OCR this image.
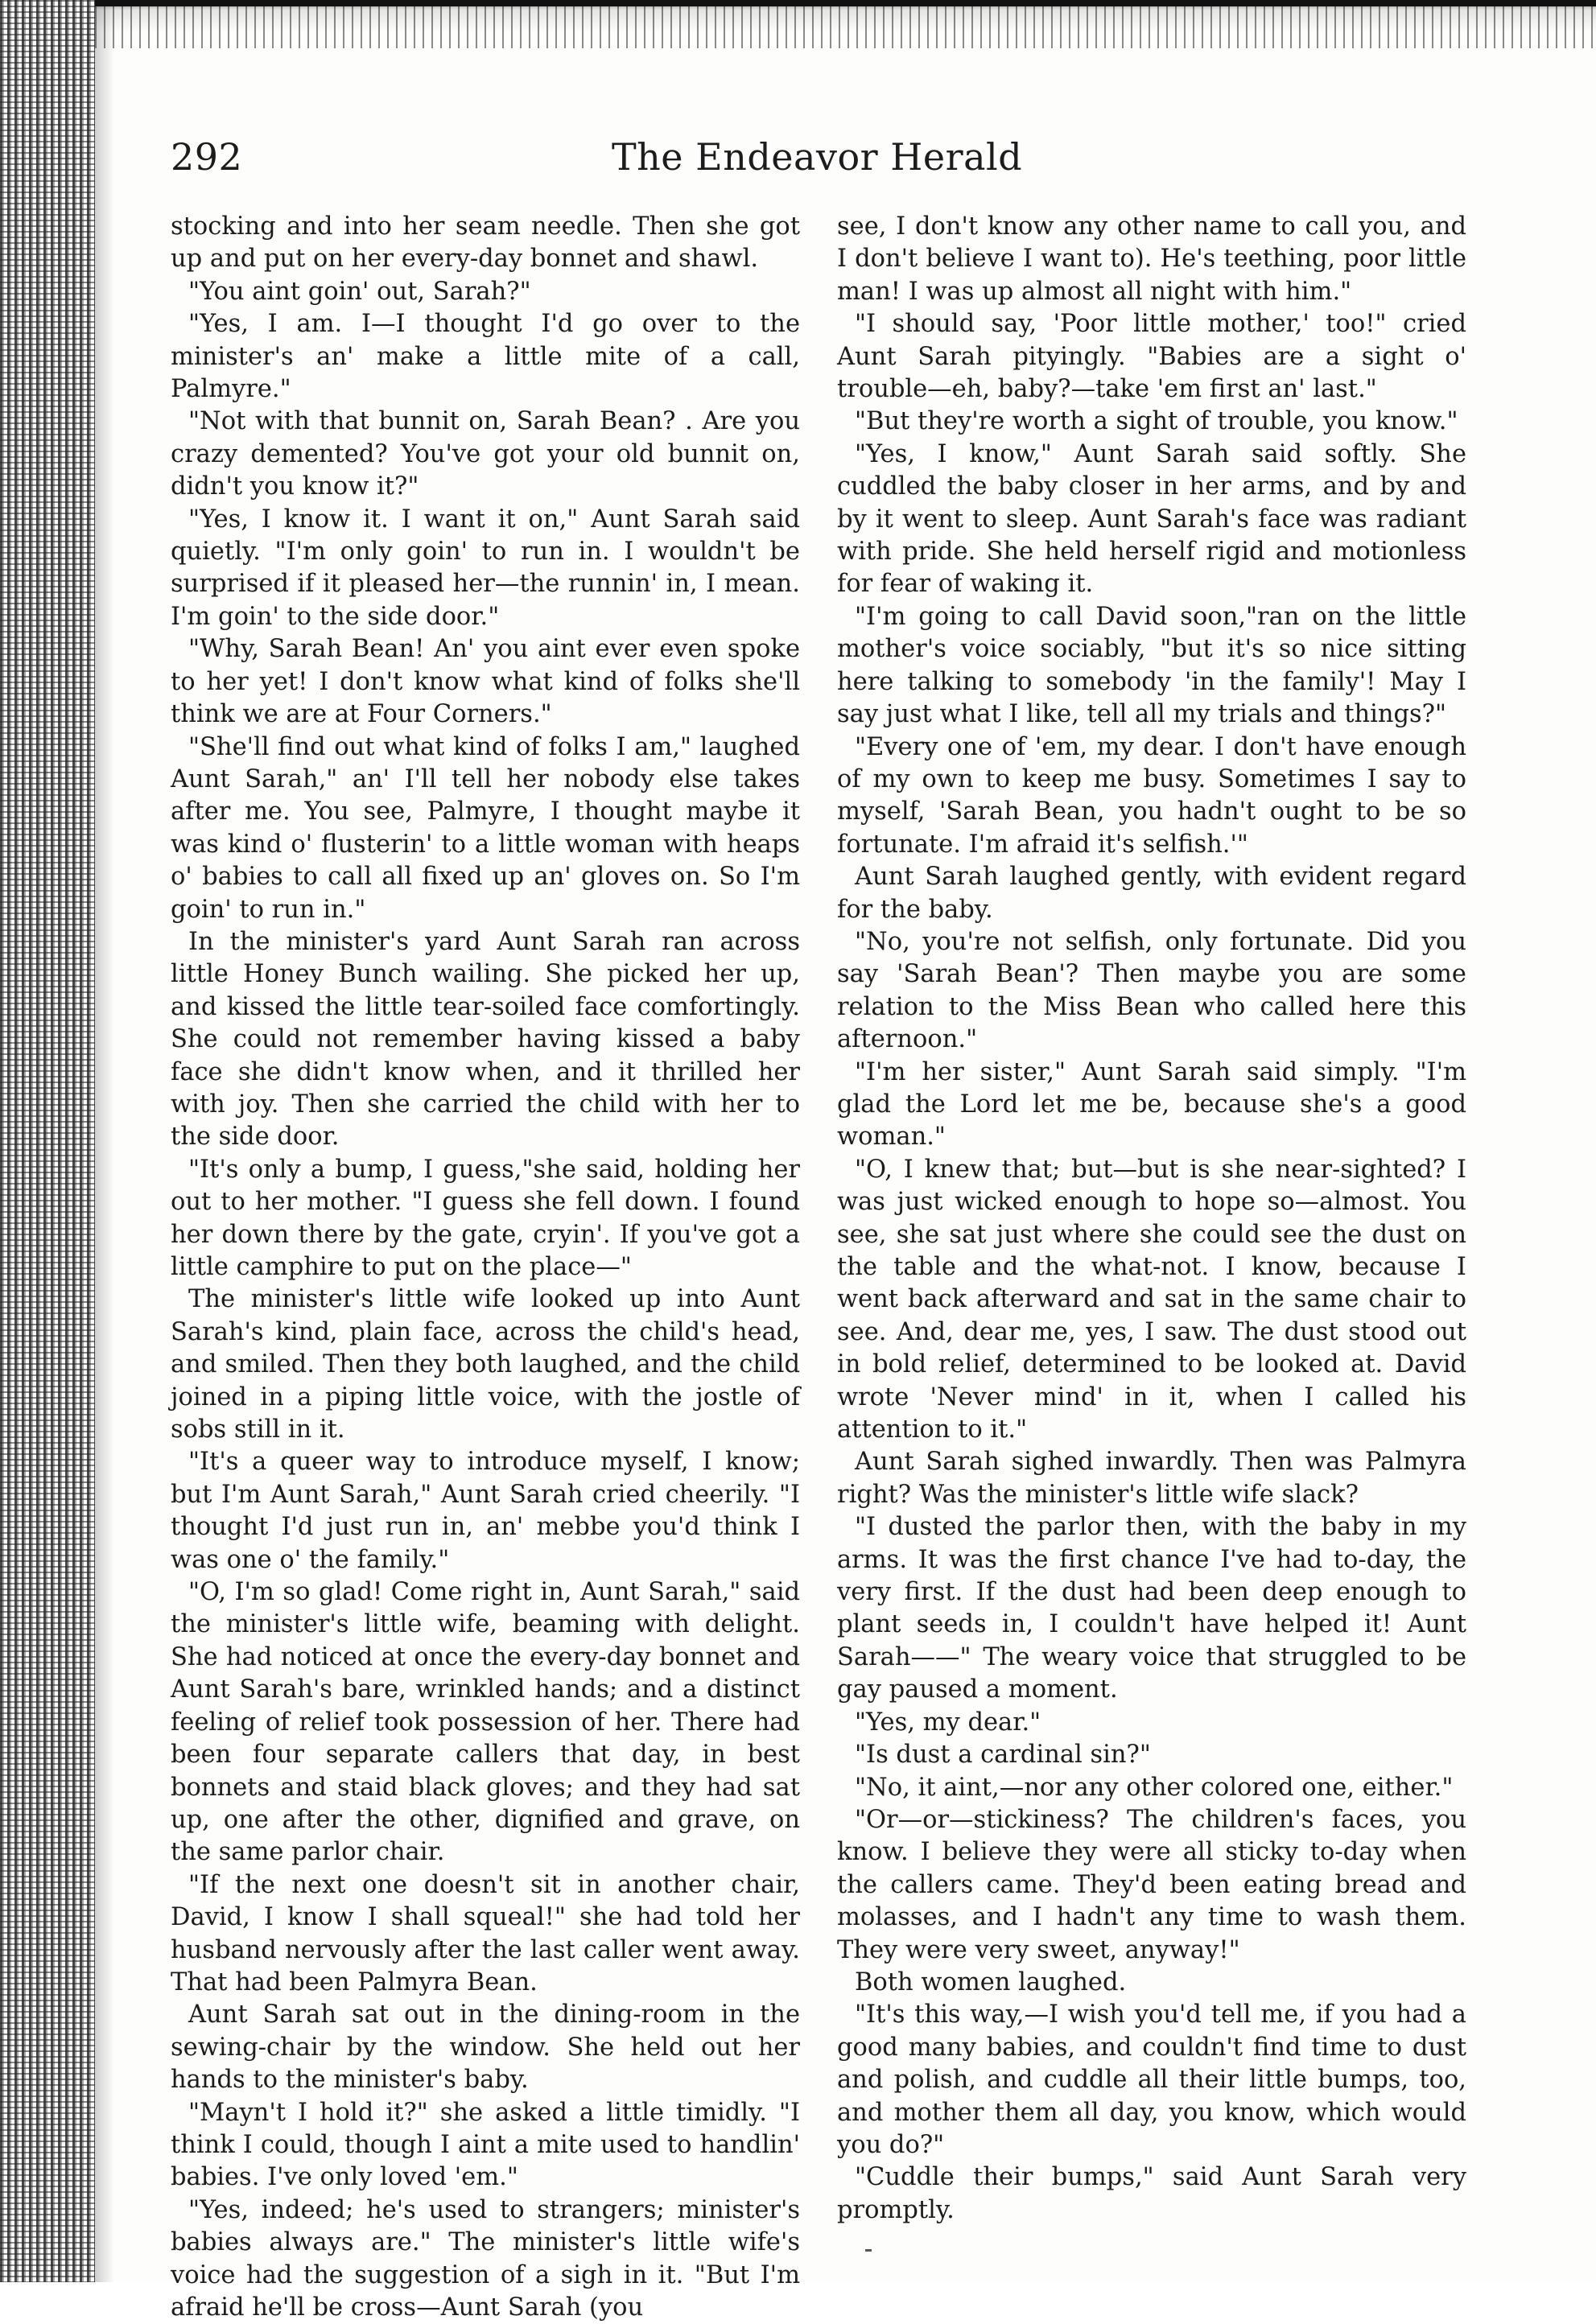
292	The Endeavor Herald

stocking and into her seam needle. Then she got up and put on her every-day bonnet and shawl.

"You aint goin' out, Sarah?"

"Yes, I am. I—I thought I'd go over to the minister's an' make a little mite of a call, Palmyre."

"Not with that bunnit on, Sarah Bean? . Are you crazy demented? You've got your old bunnit on, didn't you know it?"

"Yes, I know it. I want it on," Aunt Sarah said quietly. "I'm only goin' to run in. I wouldn't be surprised if it pleased her—the runnin' in, I mean. I'm goin' to the side door."

"Why, Sarah Bean! An' you aint ever even spoke to her yet! I don't know what kind of folks she'll think we are at Four Corners."

"She'll find out what kind of folks I am," laughed Aunt Sarah," an' I'll tell her nobody else takes after me. You see, Palmyre, I thought maybe it was kind o' flusterin' to a little woman with heaps o' babies to call all fixed up an' gloves on. So I'm goin' to run in."

In the minister's yard Aunt Sarah ran across little Honey Bunch wailing. She picked her up, and kissed the little tear-soiled face comfortingly. She could not remember having kissed a baby face she didn't know when, and it thrilled her with joy. Then she carried the child with her to the side door.

"It's only a bump, I guess,"she said, holding her out to her mother. "I guess she fell down. I found her down there by the gate, cryin'. If you've got a little camphire to put on the place—"

The minister's little wife looked up into Aunt Sarah's kind, plain face, across the child's head, and smiled. Then they both laughed, and the child joined in a piping little voice, with the jostle of sobs still in it.

"It's a queer way to introduce myself, I know; but I'm Aunt Sarah," Aunt Sarah cried cheerily. "I thought I'd just run in, an' mebbe you'd think I was one o' the family."

"O, I'm so glad! Come right in, Aunt Sarah," said the minister's little wife, beaming with delight. She had noticed at once the every-day bonnet and Aunt Sarah's bare, wrinkled hands; and a distinct feeling of relief took possession of her. There had been four separate callers that day, in best bonnets and staid black gloves; and they had sat up, one after the other, dignified and grave, on the same parlor chair.

"If the next one doesn't sit in another chair, David, I know I shall squeal!" she had told her husband nervously after the last caller went away. That had been Palmyra Bean.

Aunt Sarah sat out in the dining-room in the sewing-chair by the window. She held out her hands to the minister's baby.

"Mayn't I hold it?" she asked a little timidly. "I think I could, though I aint a mite used to handlin' babies. I've only loved 'em."

"Yes, indeed; he's used to strangers; minister's babies always are." The minister's little wife's voice had the suggestion of a sigh in it. "But I'm afraid he'll be cross—Aunt Sarah (you

see, I don't know any other name to call you, and I don't believe I want to). He's teething, poor little man! I was up almost all night with him."

"I should say, 'Poor little mother,' too!" cried Aunt Sarah pityingly. "Babies are a sight o' trouble—eh, baby?—take 'em first an' last."

"But they're worth a sight of trouble, you know."

"Yes, I know," Aunt Sarah said softly. She cuddled the baby closer in her arms, and by and by it went to sleep. Aunt Sarah's face was radiant with pride. She held herself rigid and motionless for fear of waking it.

"I'm going to call David soon,"ran on the little mother's voice sociably, "but it's so nice sitting here talking to somebody 'in the family'! May I say just what I like, tell all my trials and things?"

"Every one of 'em, my dear. I don't have enough of my own to keep me busy. Sometimes I say to myself, 'Sarah Bean, you hadn't ought to be so fortunate. I'm afraid it's selfish.'"

Aunt Sarah laughed gently, with evident regard for the baby.

"No, you're not selfish, only fortunate. Did you say 'Sarah Bean'? Then maybe you are some relation to the Miss Bean who called here this afternoon."

"I'm her sister," Aunt Sarah said simply. "I'm glad the Lord let me be, because she's a good woman."

"O, I knew that; but—but is she near-sighted? I was just wicked enough to hope so—almost. You see, she sat just where she could see the dust on the table and the what-not. I know, because I went back afterward and sat in the same chair to see. And, dear me, yes, I saw. The dust stood out in bold relief, determined to be looked at. David wrote 'Never mind' in it, when I called his attention to it."

Aunt Sarah sighed inwardly. Then was Palmyra right? Was the minister's little wife slack?

"I dusted the parlor then, with the baby in my arms. It was the first chance I've had to-day, the very first. If the dust had been deep enough to plant seeds in, I couldn't have helped it! Aunt Sarah——" The weary voice that struggled to be gay paused a moment.

"Yes, my dear."

"Is dust a cardinal sin?"

"No, it aint,—nor any other colored one, either."

"Or—or—stickiness? The children's faces, you know. I believe they were all sticky to-day when the callers came. They'd been eating bread and molasses, and I hadn't any time to wash them. They were very sweet, anyway!"

Both women laughed.

"It's this way,—I wish you'd tell me, if you had a good many babies, and couldn't find time to dust and polish, and cuddle all their little bumps, too, and mother them all day, you know, which would you do?"

"Cuddle their bumps," said Aunt Sarah very promptly.
